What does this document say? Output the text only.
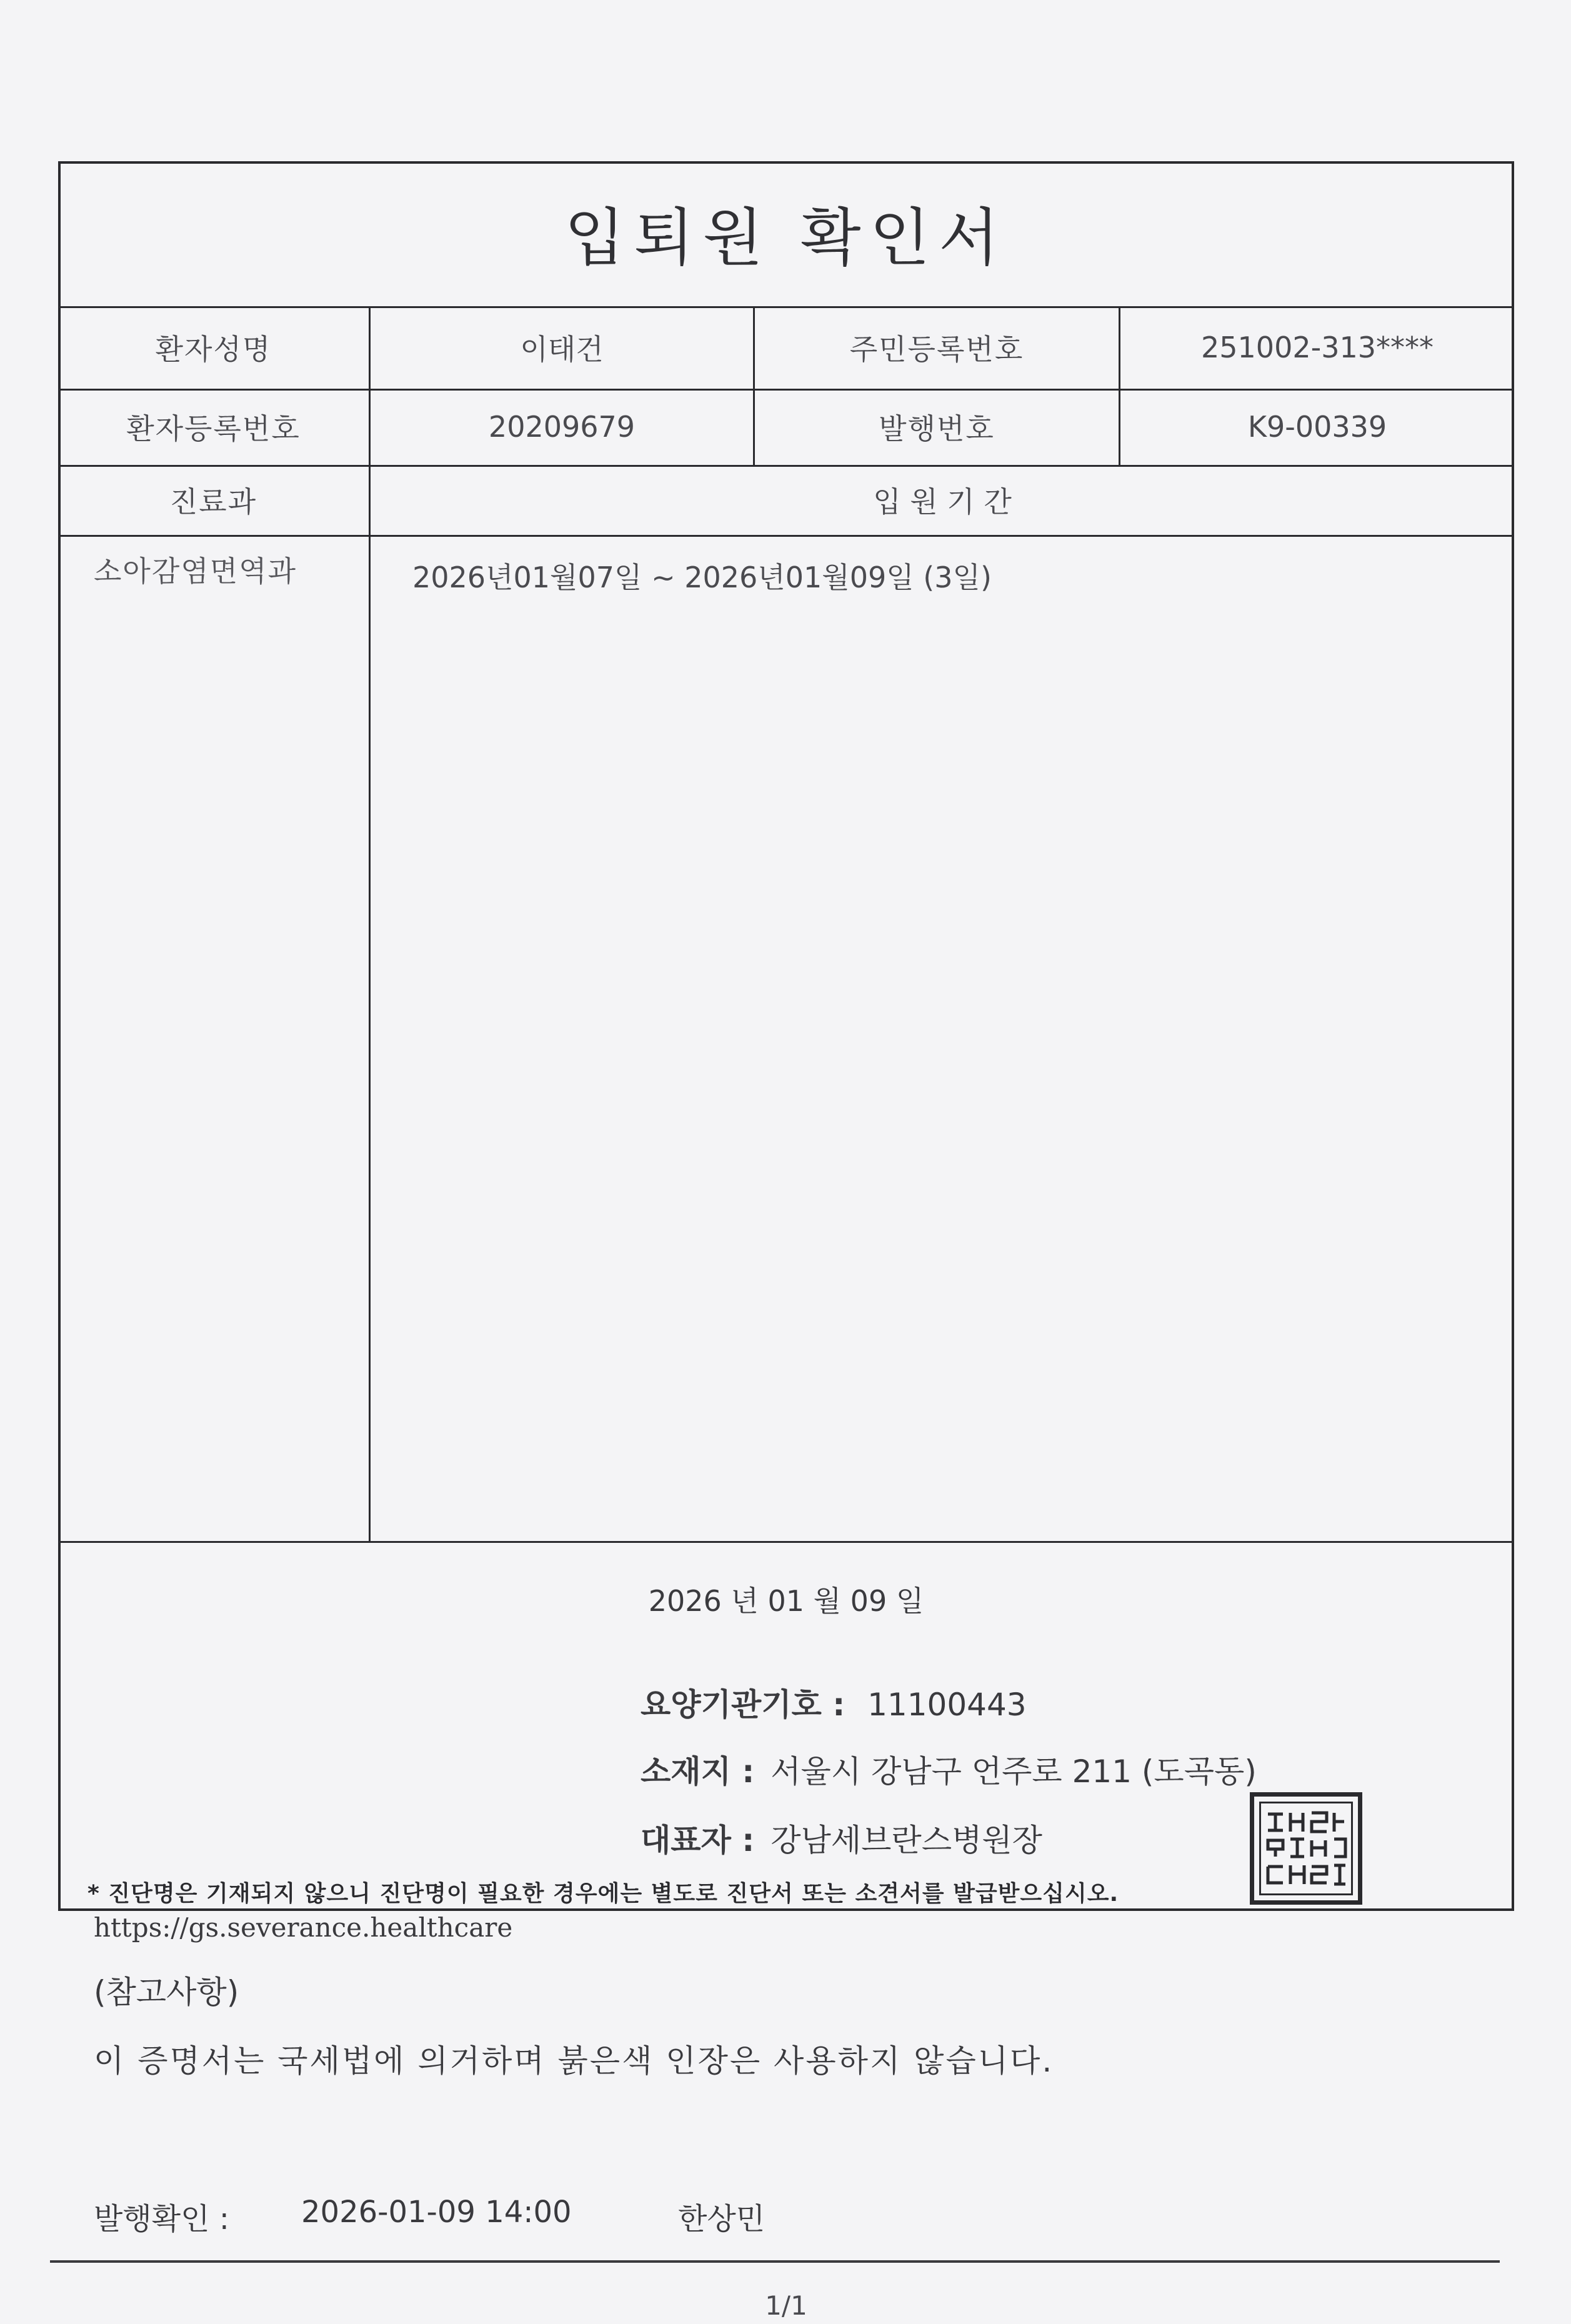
입퇴원 확인서
환자성명	이태건	주민등록번호	251002-313****
환자등록번호	20209679	발행번호	K9-00339
진료과	입 원 기 간
소아감염면역과	2026년01월07일 ~ 2026년01월09일 (3일)
2026 년 01 월 09 일
요양기관기호 : 11100443
소재지 : 서울시 강남구 언주로 211 (도곡동)
대표자 : 강남세브란스병원장
* 진단명은 기재되지 않으니 진단명이 필요한 경우에는 별도로 진단서 또는 소견서를 발급받으십시오.
https://gs.severance.healthcare
(참고사항)
이 증명서는 국세법에 의거하며 붉은색 인장은 사용하지 않습니다.
발행확인 : 2026-01-09 14:00	한상민
1/1
